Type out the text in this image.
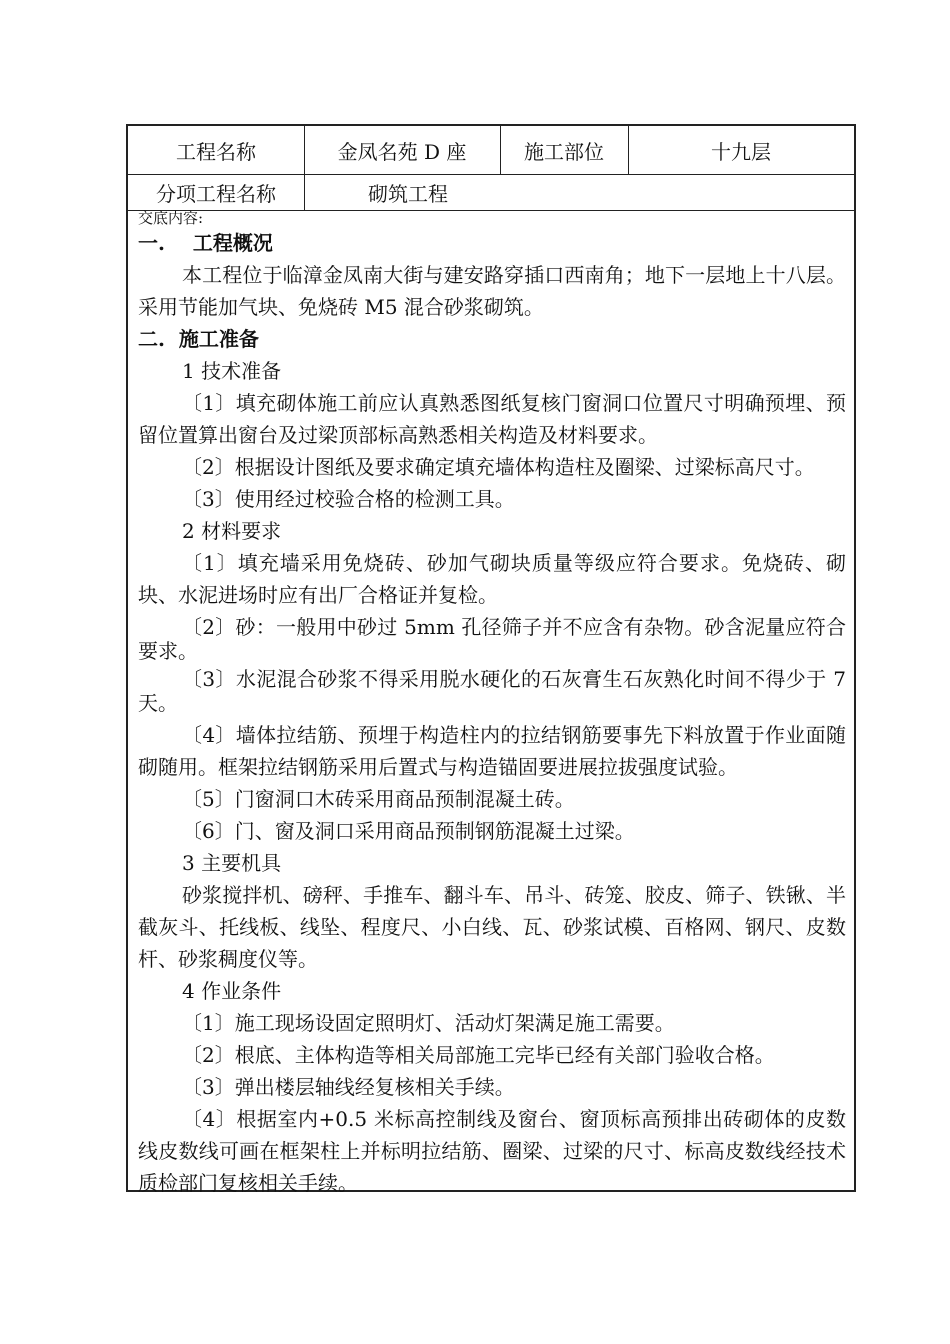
工程名称	金凤名苑 D 座	施工部位	十九层
分项工程名称	砌筑工程
交底内容:
一.    工程概况
本工程位于临漳金凤南大街与建安路穿插口西南角；地下一层地上十八层。采用节能加气块、免烧砖 M5 混合砂浆砌筑。
二.  施工准备
1 技术准备
〔1〕填充砌体施工前应认真熟悉图纸复核门窗洞口位置尺寸明确预埋、预留位置算出窗台及过梁顶部标高熟悉相关构造及材料要求。
〔2〕根据设计图纸及要求确定填充墙体构造柱及圈梁、过梁标高尺寸。
〔3〕使用经过校验合格的检测工具。
2 材料要求
〔1〕填充墙采用免烧砖、砂加气砌块质量等级应符合要求。免烧砖、砌块、水泥进场时应有出厂合格证并复检。
〔2〕砂：一般用中砂过 5mm 孔径筛子并不应含有杂物。砂含泥量应符合要求。
〔3〕水泥混合砂浆不得采用脱水硬化的石灰膏生石灰熟化时间不得少于 7 天。
〔4〕墙体拉结筋、预埋于构造柱内的拉结钢筋要事先下料放置于作业面随砌随用。框架拉结钢筋采用后置式与构造锚固要进展拉拔强度试验。
〔5〕门窗洞口木砖采用商品预制混凝土砖。
〔6〕门、窗及洞口采用商品预制钢筋混凝土过梁。
3 主要机具
砂浆搅拌机、磅秤、手推车、翻斗车、吊斗、砖笼、胶皮、筛子、铁锹、半截灰斗、托线板、线坠、程度尺、小白线、瓦、砂浆试模、百格网、钢尺、皮数杆、砂浆稠度仪等。
4 作业条件
〔1〕施工现场设固定照明灯、活动灯架满足施工需要。
〔2〕根底、主体构造等相关局部施工完毕已经有关部门验收合格。
〔3〕弹出楼层轴线经复核相关手续。
〔4〕根据室内+0.5 米标高控制线及窗台、窗顶标高预排出砖砌体的皮数线皮数线可画在框架柱上并标明拉结筋、圈梁、过梁的尺寸、标高皮数线经技术质检部门复核相关手续。
